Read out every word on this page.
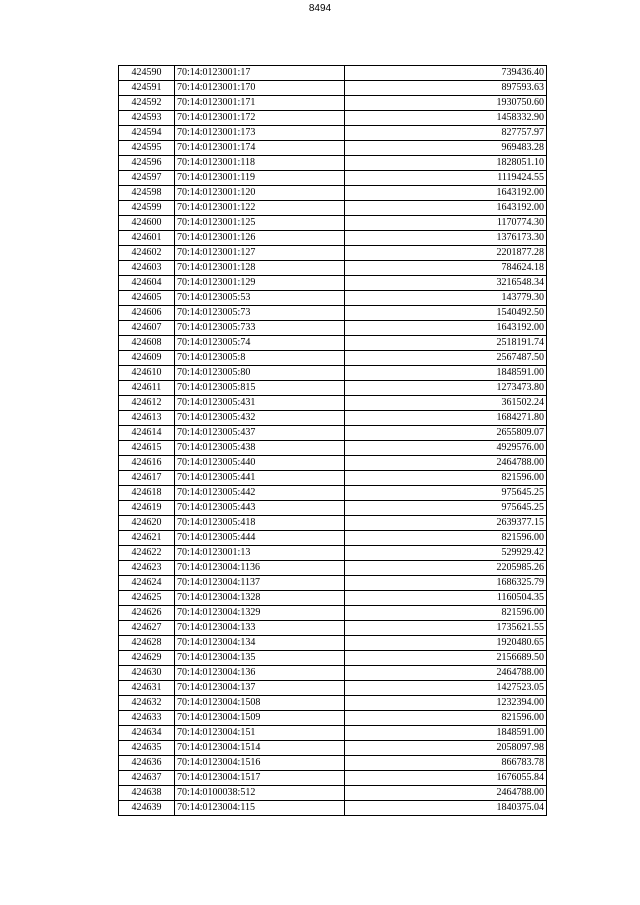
8494
424590	70:14:0123001:17	739436.40
424591	70:14:0123001:170	897593.63
424592	70:14:0123001:171	1930750.60
424593	70:14:0123001:172	1458332.90
424594	70:14:0123001:173	827757.97
424595	70:14:0123001:174	969483.28
424596	70:14:0123001:118	1828051.10
424597	70:14:0123001:119	1119424.55
424598	70:14:0123001:120	1643192.00
424599	70:14:0123001:122	1643192.00
424600	70:14:0123001:125	1170774.30
424601	70:14:0123001:126	1376173.30
424602	70:14:0123001:127	2201877.28
424603	70:14:0123001:128	784624.18
424604	70:14:0123001:129	3216548.34
424605	70:14:0123005:53	143779.30
424606	70:14:0123005:73	1540492.50
424607	70:14:0123005:733	1643192.00
424608	70:14:0123005:74	2518191.74
424609	70:14:0123005:8	2567487.50
424610	70:14:0123005:80	1848591.00
424611	70:14:0123005:815	1273473.80
424612	70:14:0123005:431	361502.24
424613	70:14:0123005:432	1684271.80
424614	70:14:0123005:437	2655809.07
424615	70:14:0123005:438	4929576.00
424616	70:14:0123005:440	2464788.00
424617	70:14:0123005:441	821596.00
424618	70:14:0123005:442	975645.25
424619	70:14:0123005:443	975645.25
424620	70:14:0123005:418	2639377.15
424621	70:14:0123005:444	821596.00
424622	70:14:0123001:13	529929.42
424623	70:14:0123004:1136	2205985.26
424624	70:14:0123004:1137	1686325.79
424625	70:14:0123004:1328	1160504.35
424626	70:14:0123004:1329	821596.00
424627	70:14:0123004:133	1735621.55
424628	70:14:0123004:134	1920480.65
424629	70:14:0123004:135	2156689.50
424630	70:14:0123004:136	2464788.00
424631	70:14:0123004:137	1427523.05
424632	70:14:0123004:1508	1232394.00
424633	70:14:0123004:1509	821596.00
424634	70:14:0123004:151	1848591.00
424635	70:14:0123004:1514	2058097.98
424636	70:14:0123004:1516	866783.78
424637	70:14:0123004:1517	1676055.84
424638	70:14:0100038:512	2464788.00
424639	70:14:0123004:115	1840375.04
